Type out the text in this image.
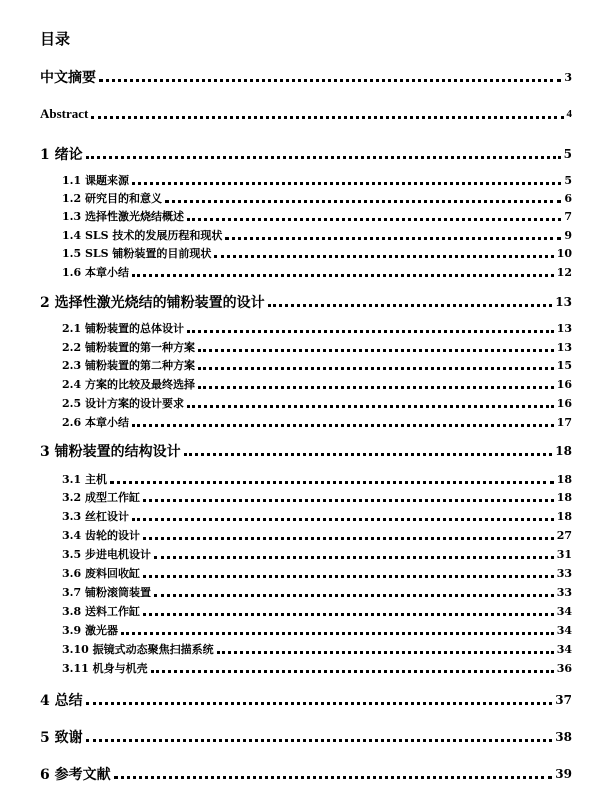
目录
中文摘要	3
Abstract	4
1 绪论	5
1.1 课题来源	5
1.2 研究目的和意义	6
1.3 选择性激光烧结概述	7
1.4 SLS 技术的发展历程和现状	9
1.5 SLS 铺粉装置的目前现状	10
1.6 本章小结	12
2 选择性激光烧结的铺粉装置的设计	13
2.1 铺粉装置的总体设计	13
2.2 铺粉装置的第一种方案	13
2.3 铺粉装置的第二种方案	15
2.4 方案的比较及最终选择	16
2.5 设计方案的设计要求	16
2.6 本章小结	17
3 铺粉装置的结构设计	18
3.1 主机	18
3.2 成型工作缸	18
3.3 丝杠设计	18
3.4 齿轮的设计	27
3.5 步进电机设计	31
3.6 废料回收缸	33
3.7 铺粉滚筒装置	33
3.8 送料工作缸	34
3.9 激光器	34
3.10 振镜式动态聚焦扫描系统	34
3.11 机身与机壳	36
4 总结	37
5 致谢	38
6 参考文献	39
